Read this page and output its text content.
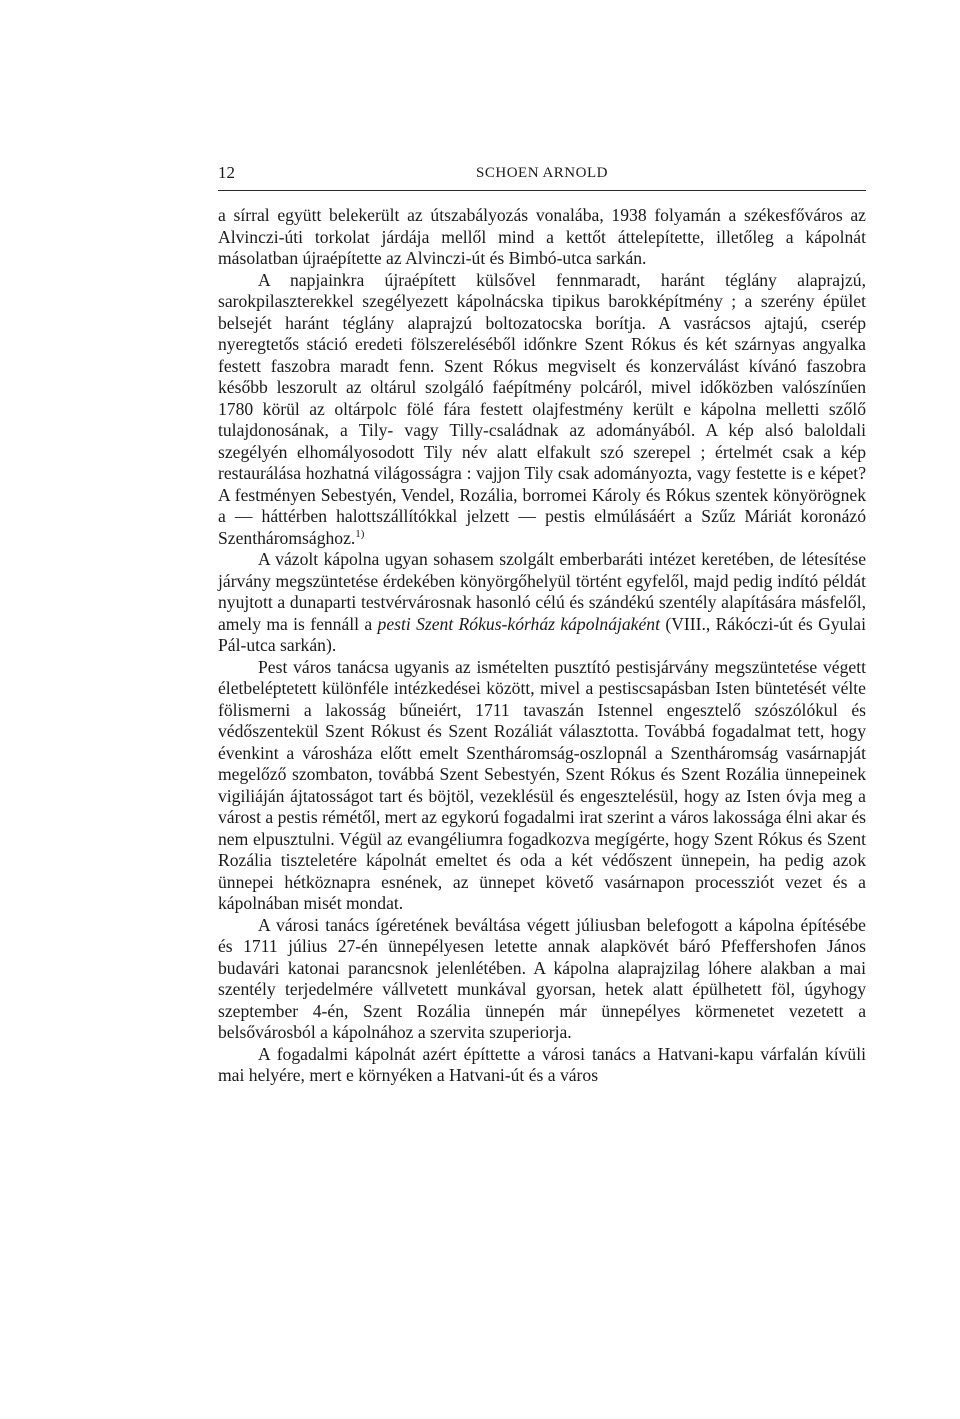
12	SCHOEN ARNOLD

a sírral együtt belekerült az útszabályozás vonalába, 1938 folyamán a székesfőváros az Alvinczi-úti torkolat járdája mellől mind a kettőt áttelepítette, illetőleg a kápolnát másolatban újraépítette az Alvinczi-út és Bimbó-utca sarkán.

A napjainkra újraépített külsővel fennmaradt, haránt téglány alaprajzú, sarokpilaszterekkel szegélyezett kápolnácska tipikus barokképítmény ; a szerény épület belsejét haránt téglány alaprajzú boltozatocska borítja. A vasrácsos ajtajú, cserép nyeregtetős stáció eredeti fölszereléséből időnkre Szent Rókus és két szárnyas angyalka festett faszobra maradt fenn. Szent Rókus megviselt és konzerválást kívánó faszobra később leszorult az oltárul szolgáló faépítmény polcáról, mivel időközben valószínűen 1780 körül az oltárpolc fölé fára festett olajfestmény került e kápolna melletti szőlő tulajdonosának, a Tily- vagy Tilly-családnak az adományából. A kép alsó baloldali szegélyén elhomályosodott Tily név alatt elfakult szó szerepel ; értelmét csak a kép restaurálása hozhatná világosságra : vajjon Tily csak adományozta, vagy festette is e képet? A festményen Sebestyén, Vendel, Rozália, borromei Károly és Rókus szentek könyörögnek a — háttérben halottszállítókkal jelzett — pestis elmúlásáért a Szűz Máriát koronázó Szentháromsághoz.$^{1)}$

A vázolt kápolna ugyan sohasem szolgált emberbaráti intézet keretében, de létesítése járvány megszüntetése érdekében könyörgőhelyül történt egyfelől, majd pedig indító példát nyujtott a dunaparti testvérvárosnak hasonló célú és szándékú szentély alapítására másfelől, amely ma is fennáll a pesti Szent Rókus-kórház kápolnájaként (VIII., Rákóczi-út és Gyulai Pál-utca sarkán).

Pest város tanácsa ugyanis az ismételten pusztító pestisjárvány megszüntetése végett életbeléptetett különféle intézkedései között, mivel a pestiscsapásban Isten büntetését vélte fölismerni a lakosság bűneiért, 1711 tavaszán Istennel engesztelő szószólókul és védőszentekül Szent Rókust és Szent Rozáliát választotta. Továbbá fogadalmat tett, hogy évenkint a városháza előtt emelt Szentháromság-oszlopnál a Szentháromság vasárnapját megelőző szombaton, továbbá Szent Sebestyén, Szent Rókus és Szent Rozália ünnepeinek vigiliáján ájtatosságot tart és böjtöl, vezeklésül és engesztelésül, hogy az Isten óvja meg a várost a pestis rémétől, mert az egykorú fogadalmi irat szerint a város lakossága élni akar és nem elpusztulni. Végül az evangéliumra fogadkozva megígérte, hogy Szent Rókus és Szent Rozália tiszteletére kápolnát emeltet és oda a két védőszent ünnepein, ha pedig azok ünnepei hétköznapra esnének, az ünnepet követő vasárnapon processziót vezet és a kápolnában misét mondat.

A városi tanács ígéretének beváltása végett júliusban belefogott a kápolna építésébe és 1711 július 27-én ünnepélyesen letette annak alapkövét báró Pfeffershofen János budavári katonai parancsnok jelenlétében. A kápolna alaprajzilag lóhere alakban a mai szentély terjedelmére vállvetett munkával gyorsan, hetek alatt épülhetett föl, úgyhogy szeptember 4-én, Szent Rozália ünnepén már ünnepélyes körmenetet vezetett a belsővárosból a kápolnához a szervita szuperiorja.

A fogadalmi kápolnát azért építtette a városi tanács a Hatvani-kapu várfalán kívüli mai helyére, mert e környéken a Hatvani-út és a város
